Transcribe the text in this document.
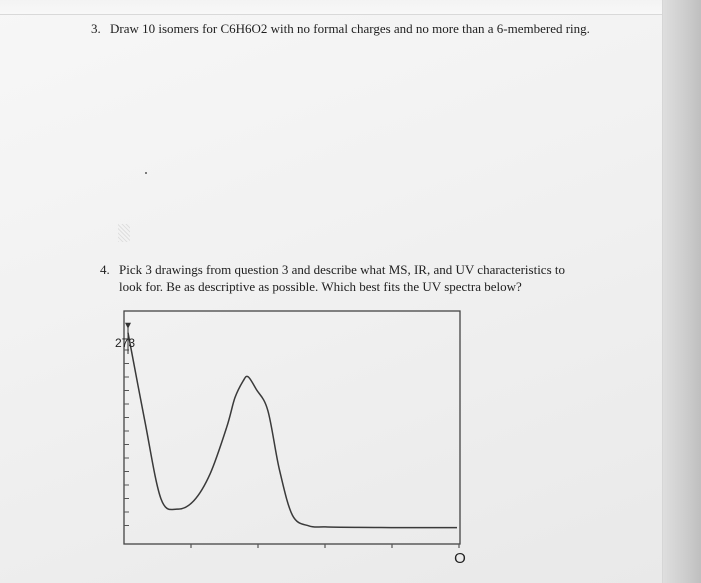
3. Draw 10 isomers for C6H6O2 with no formal charges and no more than a 6-membered ring.
4. Pick 3 drawings from question 3 and describe what MS, IR, and UV characteristics to look for. Be as descriptive as possible. Which best fits the UV spectra below?
273
O
